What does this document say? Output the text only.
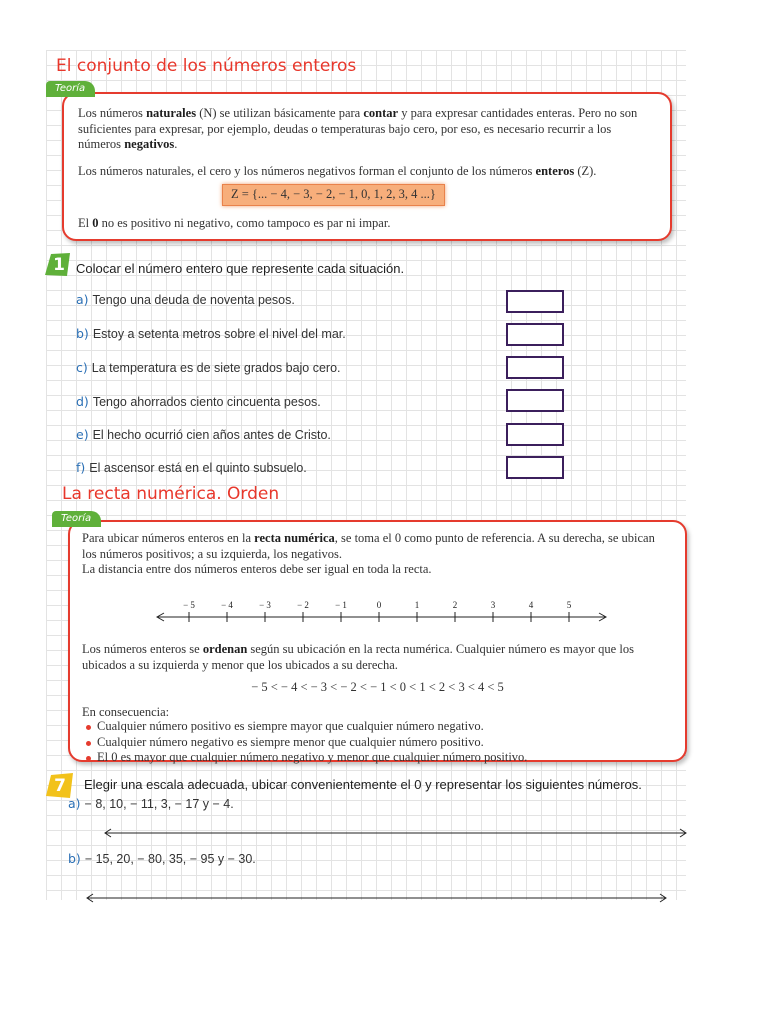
El conjunto de los números enteros
Teoría

Los números naturales (N) se utilizan básicamente para contar y para expresar cantidades enteras. Pero no son suficientes para expresar, por ejemplo, deudas o temperaturas bajo cero, por eso, es necesario recurrir a los números negativos.

Los números naturales, el cero y los números negativos forman el conjunto de los números enteros (Z).

Z = {... − 4, − 3, − 2, − 1, 0, 1, 2, 3, 4 ...}

El 0 no es positivo ni negativo, como tampoco es par ni impar.

1 Colocar el número entero que represente cada situación.
a) Tengo una deuda de noventa pesos.
b) Estoy a setenta metros sobre el nivel del mar.
c) La temperatura es de siete grados bajo cero.
d) Tengo ahorrados ciento cincuenta pesos.
e) El hecho ocurrió cien años antes de Cristo.
f) El ascensor está en el quinto subsuelo.
La recta numérica. Orden
Teoría

Para ubicar números enteros en la recta numérica, se toma el 0 como punto de referencia. A su derecha, se ubican los números positivos; a su izquierda, los negativos.

La distancia entre dos números enteros debe ser igual en toda la recta.

− 5	− 4	− 3	− 2	− 1	0	1	2	3	4	5

Los números enteros se ordenan según su ubicación en la recta numérica. Cualquier número es mayor que los ubicados a su izquierda y menor que los ubicados a su derecha.

− 5 < − 4 < − 3 < − 2 < − 1 < 0 < 1 < 2 < 3 < 4 < 5

En consecuencia:

Cualquier número positivo es siempre mayor que cualquier número negativo.
Cualquier número negativo es siempre menor que cualquier número positivo.
El 0 es mayor que cualquier número negativo y menor que cualquier número positivo.
7	Elegir una escala adecuada, ubicar convenientemente el 0 y representar los siguientes números.
a) − 8, 10, − 11, 3, − 17 y − 4.
b) − 15, 20, − 80, 35, − 95 y − 30.
